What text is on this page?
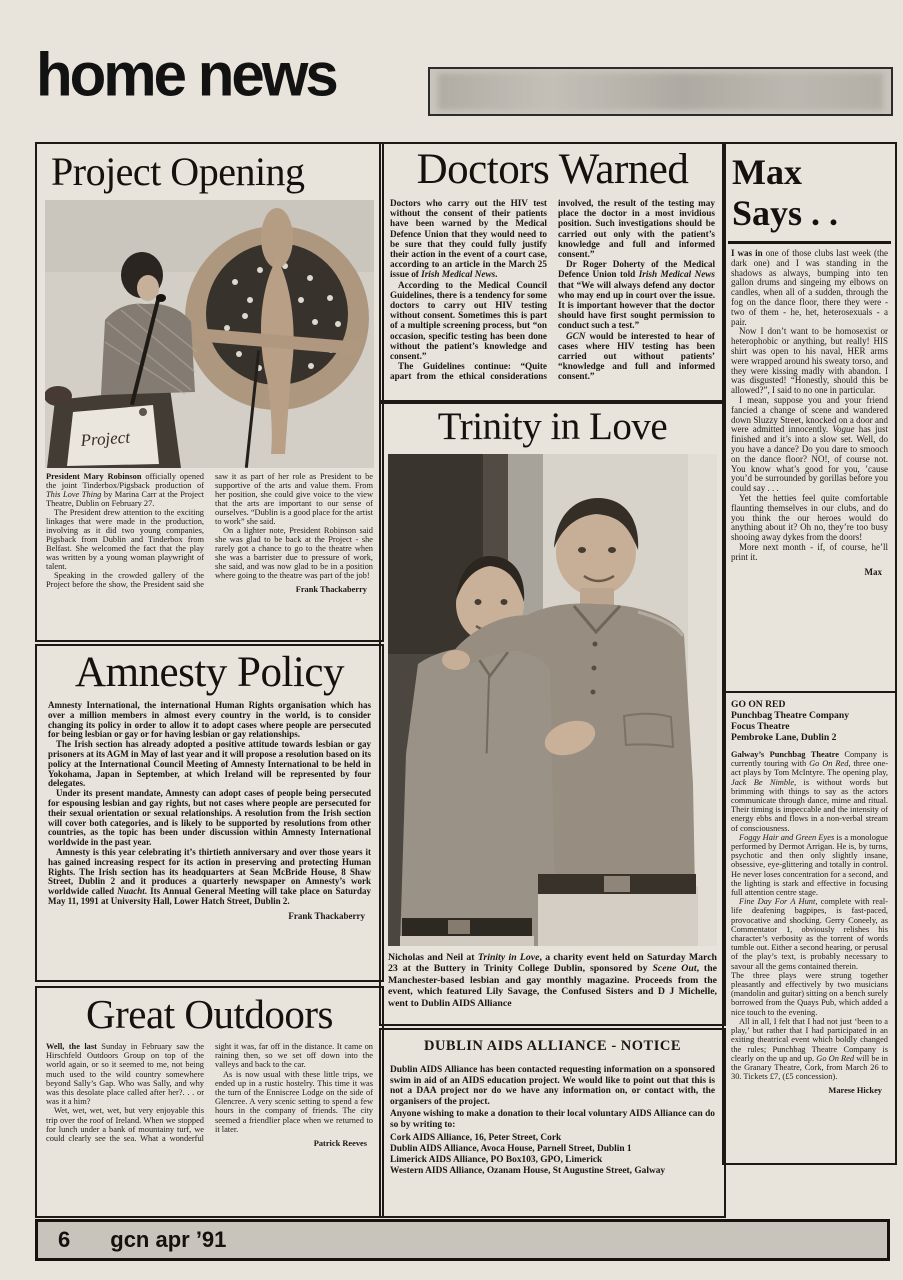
home news
Project Opening
Project

President Mary Robinson officially opened the joint Tinderbox/Pigsback production of This Love Thing by Marina Carr at the Project Theatre, Dublin on February 27.

The President drew attention to the exciting linkages that were made in the production, involving as it did two young companies, Pigsback from Dublin and Tinderbox from Belfast. She welcomed the fact that the play was written by a young woman playwright of talent.

Speaking in the crowded gallery of the Project before the show, the President said she saw it as part of her role as President to be supportive of the arts and value them. From her position, she could give voice to the view that the arts are important to our sense of ourselves. “Dublin is a good place for the artist to work” she said.

On a lighter note, President Robinson said she was glad to be back at the Project - she rarely got a chance to go to the theatre when she was a barrister due to pressure of work, she said, and was now glad to be in a position where going to the theatre was part of the job!

Frank Thackaberry

Amnesty Policy

Amnesty International, the international Human Rights organisation which has over a million members in almost every country in the world, is to consider changing its policy in order to allow it to adopt cases where people are persecuted for being lesbian or gay or for having lesbian or gay relationships.

The Irish section has already adopted a positive attitude towards lesbian or gay prisoners at its AGM in May of last year and it will propose a resolution based on its policy at the International Council Meeting of Amnesty International to be held in Yokohama, Japan in September, at which Ireland will be represented by four delegates.

Under its present mandate, Amnesty can adopt cases of people being persecuted for espousing lesbian and gay rights, but not cases where people are persecuted for their sexual orientation or sexual relationships. A resolution from the Irish section will cover both categories, and is likely to be supported by resolutions from other countries, as the topic has been under discussion within Amnesty International worldwide in the past year.

Amnesty is this year celebrating it’s thirtieth anniversary and over those years it has gained increasing respect for its action in preserving and protecting Human Rights. The Irish section has its headquarters at Sean McBride House, 8 Shaw Street, Dublin 2 and it produces a quarterly newspaper on Amnesty’s work worldwide called Nuacht. Its Annual General Meeting will take place on Saturday May 11, 1991 at University Hall, Lower Hatch Street, Dublin 2.

Frank Thackaberry

Great Outdoors

Well, the last Sunday in February saw the Hirschfeld Outdoors Group on top of the world again, or so it seemed to me, not being much used to the wild country somewhere beyond Sally’s Gap. Who was Sally, and why was this desolate place called after her?. . . or was it a him?

Wet, wet, wet, wet, but very enjoyable this trip over the roof of Ireland. When we stopped for lunch under a bank of mountainy turf, we could clearly see the sea. What a wonderful sight it was, far off in the distance. It came on raining then, so we set off down into the valleys and back to the car.

As is now usual with these little trips, we ended up in a rustic hostelry. This time it was the turn of the Enniscree Lodge on the side of Glencree. A very scenic setting to spend a few hours in the company of friends. The city seemed a friendlier place when we returned to it later.

Patrick Reeves

Doctors Warned

Doctors who carry out the HIV test without the consent of their patients have been warned by the Medical Defence Union that they would need to be sure that they could fully justify their action in the event of a court case, according to an article in the March 25 issue of Irish Medical News.

According to the Medical Council Guidelines, there is a tendency for some doctors to carry out HIV testing without consent. Sometimes this is part of a multiple screening process, but “on occasion, specific testing has been done without the patient’s knowledge and consent.”

The Guidelines continue: “Quite apart from the ethical considerations involved, the result of the testing may place the doctor in a most invidious position. Such investigations should be carried out only with the patient’s knowledge and full and informed consent.”

Dr Roger Doherty of the Medical Defence Union told Irish Medical News that “We will always defend any doctor who may end up in court over the issue. It is important however that the doctor should have first sought permission to conduct such a test.”

GCN would be interested to hear of cases where HIV testing has been carried out without patients’ “knowledge and full and informed consent.”

Trinity in Love

Nicholas and Neil at Trinity in Love, a charity event held on Saturday March 23 at the Buttery in Trinity College Dublin, sponsored by Scene Out, the Manchester-based lesbian and gay monthly magazine. Proceeds from the event, which featured Lily Savage, the Confused Sisters and D J Michelle, went to Dublin AIDS Alliance

DUBLIN AIDS ALLIANCE - NOTICE

Dublin AIDS Alliance has been contacted requesting information on a sponsored swim in aid of an AIDS education project. We would like to point out that this is not a DAA project nor do we have any information on, or contact with, the organisers of the project.

Anyone wishing to make a donation to their local voluntary AIDS Alliance can do so by writing to:

Cork AIDS Alliance, 16, Peter Street, Cork
Dublin AIDS Alliance, Avoca House, Parnell Street, Dublin 1
Limerick AIDS Alliance, PO Box103, GPO, Limerick
Western AIDS Alliance, Ozanam House, St Augustine Street, Galway
Max
Says . .

I was in one of those clubs last week (the dark one) and I was standing in the shadows as always, bumping into ten gallon drums and singeing my elbows on candles, when all of a sudden, through the fog on the dance floor, there they were - two of them - he, het, heterosexuals - a pair.

Now I don’t want to be homosexist or heterophobic or anything, but really! HIS shirt was open to his naval, HER arms were wrapped around his sweaty torso, and they were kissing madly with abandon. I was disgusted! “Honestly, should this be allowed?”, I said to no one in particular.

I mean, suppose you and your friend fancied a change of scene and wandered down Sluzzy Street, knocked on a door and were admitted innocently. Vogue has just finished and it’s into a slow set. Well, do you have a dance? Do you dare to smooch on the dance floor? NO!, of course not. You know what’s good for you, ’cause you’d be surrounded by gorillas before you could say . . .

Yet the hetties feel quite comfortable flaunting themselves in our clubs, and do you think the our heroes would do anything about it? Oh no, they’re too busy shooing away dykes from the doors!

More next month - if, of course, he’ll print it.

Max

GO ON RED
Punchbag Theatre Company
Focus Theatre
Pembroke Lane, Dublin 2

Galway’s Punchbag Theatre Company is currently touring with Go On Red, three one-act plays by Tom McIntyre. The opening play, Jack Be Nimble, is without words but brimming with things to say as the actors communicate through dance, mime and ritual. Their timing is impeccable and the intensity of energy ebbs and flows in a non-verbal stream of consciousness.

Foggy Hair and Green Eyes is a monologue performed by Dermot Arrigan. He is, by turns, psychotic and then only slightly insane, obsessive, eye-glittering and totally in control. He never loses concentration for a second, and the lighting is stark and effective in focusing full attention centre stage.

Fine Day For A Hunt, complete with real-life deafening bagpipes, is fast-paced, provocative and shocking. Gerry Coneely, as Commentator 1, obviously relishes his character’s verbosity as the torrent of words tumble out. Either a second hearing, or perusal of the play’s text, is probably necessary to savour all the gems contained therein.

The three plays were strung together pleasantly and effectively by two musicians (mandolin and guitar) sitting on a bench surely borrowed from the Quays Pub, which added a nice touch to the evening.

All in all, I felt that I had not just ‘been to a play,’ but rather that I had participated in an exiting theatrical event which boldly changed the rules; Punchbag Theatre Company is clearly on the up and up. Go On Red will be in the Granary Theatre, Cork, from March 26 to 30. Tickets £7, (£5 concession).

Marese Hickey

6 gcn apr ’91
